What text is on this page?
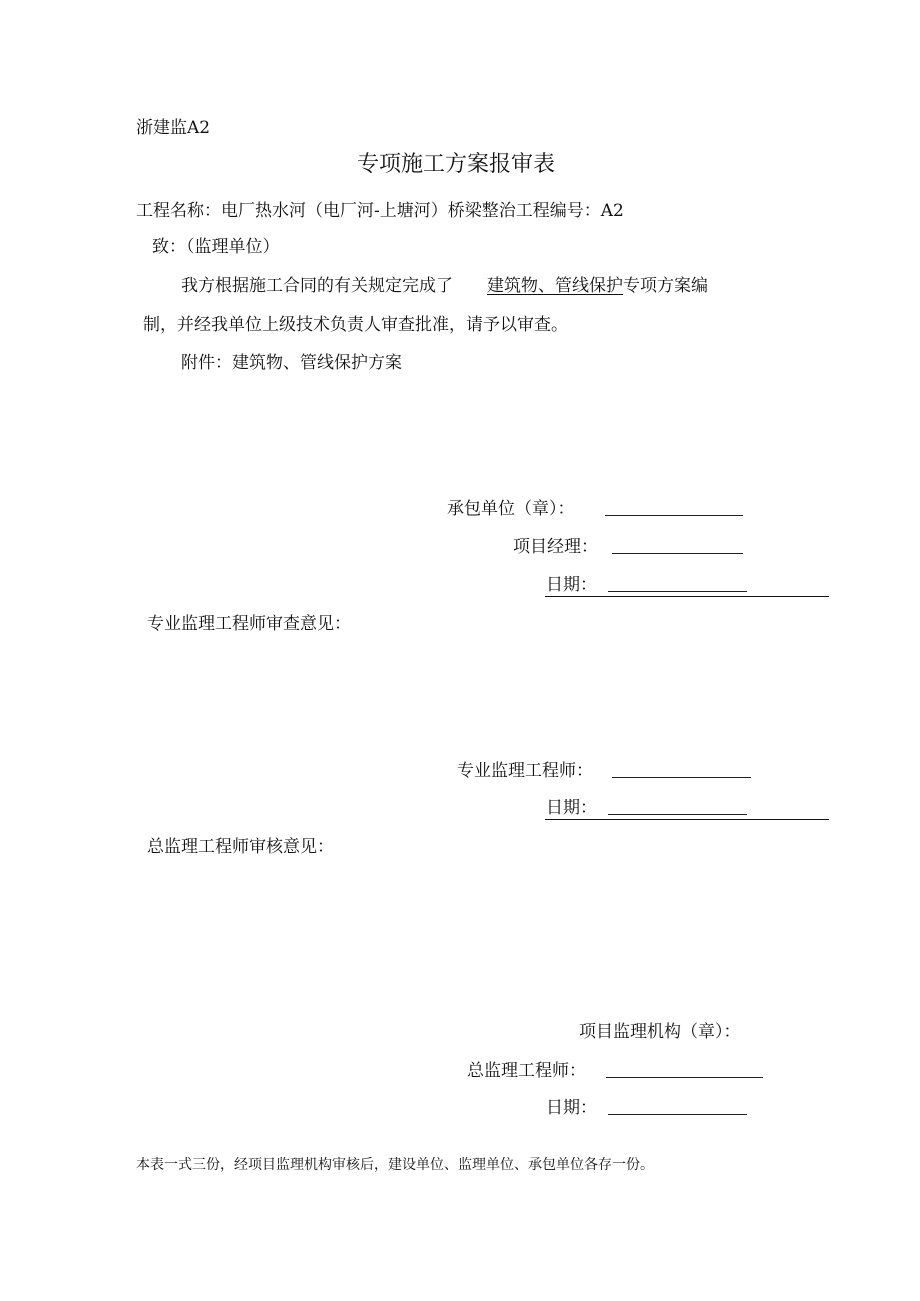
浙建监A2
专项施工方案报审表
工程名称：电厂热水河（电厂河-上塘河）桥梁整治工程编号：A2
致：（监理单位）
我方根据施工合同的有关规定完成了 建筑物、管线保护专项方案编
制，并经我单位上级技术负责人审查批准，请予以审查。
附件：建筑物、管线保护方案
承包单位（章）：
项目经理：
日期：
专业监理工程师审查意见：
专业监理工程师：
日期：
总监理工程师审核意见：
项目监理机构（章）：
总监理工程师：
日期：
本表一式三份，经项目监理机构审核后，建设单位、监理单位、承包单位各存一份。
